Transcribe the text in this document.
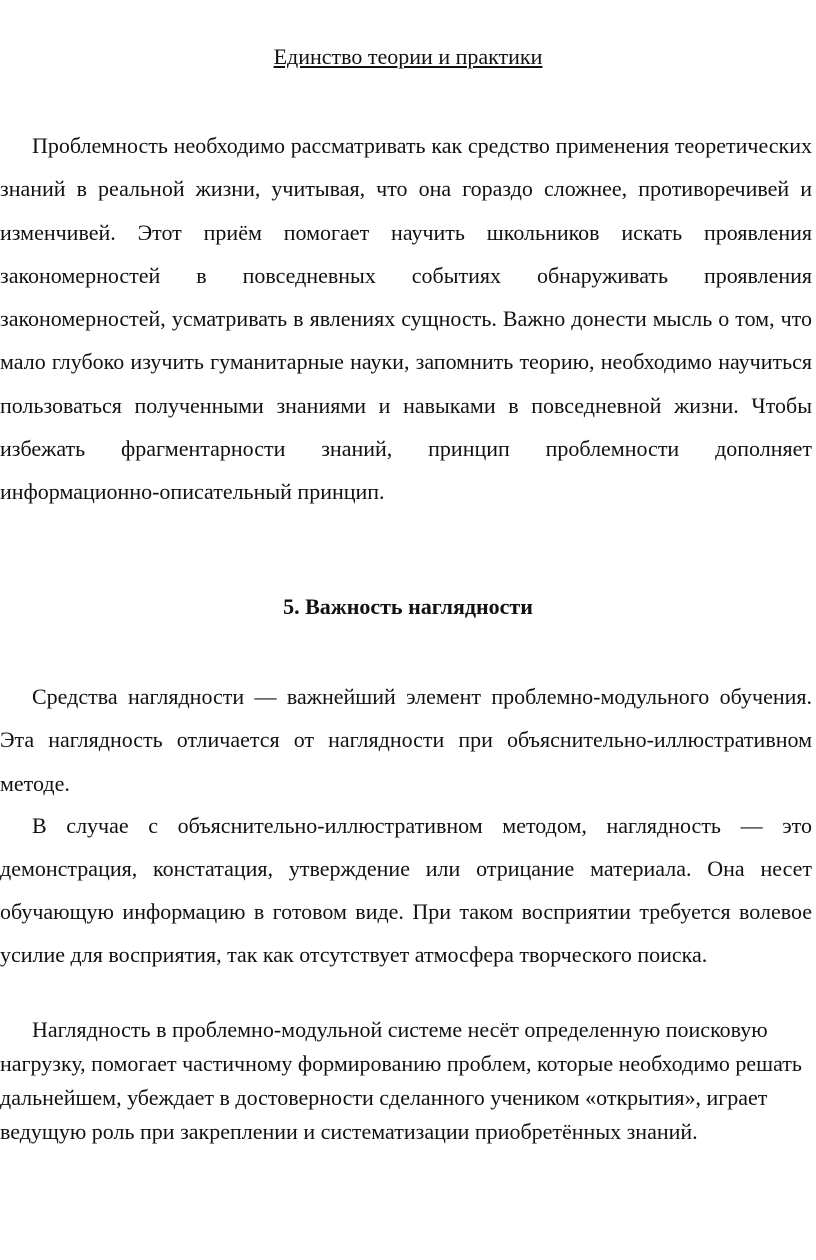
Единство теории и практики

Проблемность необходимо рассматривать как средство применения теоретических знаний в реальной жизни, учитывая, что она гораздо сложнее, противоречивей и изменчивей. Этот приём помогает научить школьников искать проявления закономерностей в повседневных событиях обнаруживать проявления закономерностей, усматривать в явлениях сущность. Важно донести мысль о том, что мало глубоко изучить гуманитарные науки, запомнить теорию, необходимо научиться пользоваться полученными знаниями и навыками в повседневной жизни. Чтобы избежать фрагментарности знаний, принцип проблемности дополняет информационно-описательный принцип.

5. Важность наглядности

Средства наглядности — важнейший элемент проблемно-модульного обучения. Эта наглядность отличается от наглядности при объяснительно-иллюстративном методе.

В случае с объяснительно-иллюстративном методом, наглядность — это демонстрация, констатация, утверждение или отрицание материала. Она несет обучающую информацию в готовом виде. При таком восприятии требуется волевое усилие для восприятия, так как отсутствует атмосфера творческого поиска.

Наглядность в проблемно-модульной системе несёт определенную поисковую нагрузку, помогает частичному формированию проблем, которые необходимо решать дальнейшем, убеждает в достоверности сделанного учеником «открытия», играет ведущую роль при закреплении и систематизации приобретённых знаний.
